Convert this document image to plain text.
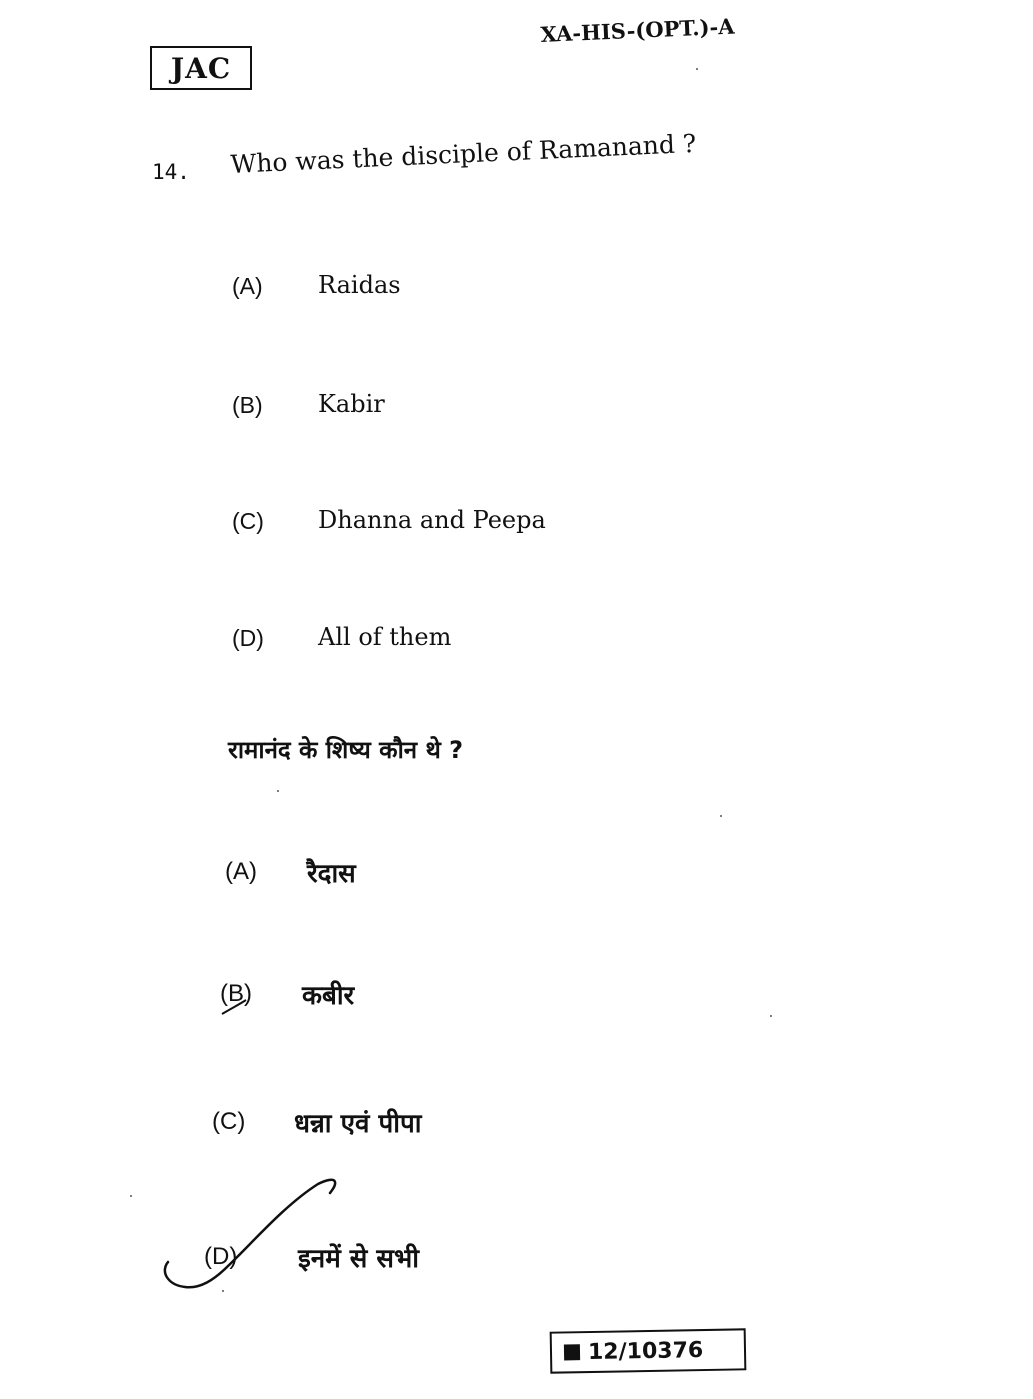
JAC
XA-HIS-(OPT.)-A
14. Who was the disciple of Ramanand ?
(A) Raidas
(B) Kabir
(C) Dhanna and Peepa
(D) All of them
रामानंद के शिष्य कौन थे ?
(A) रैदास
(B) कबीर
(C) धन्ना एवं पीपा
(D) इनमें से सभी
12/10376
